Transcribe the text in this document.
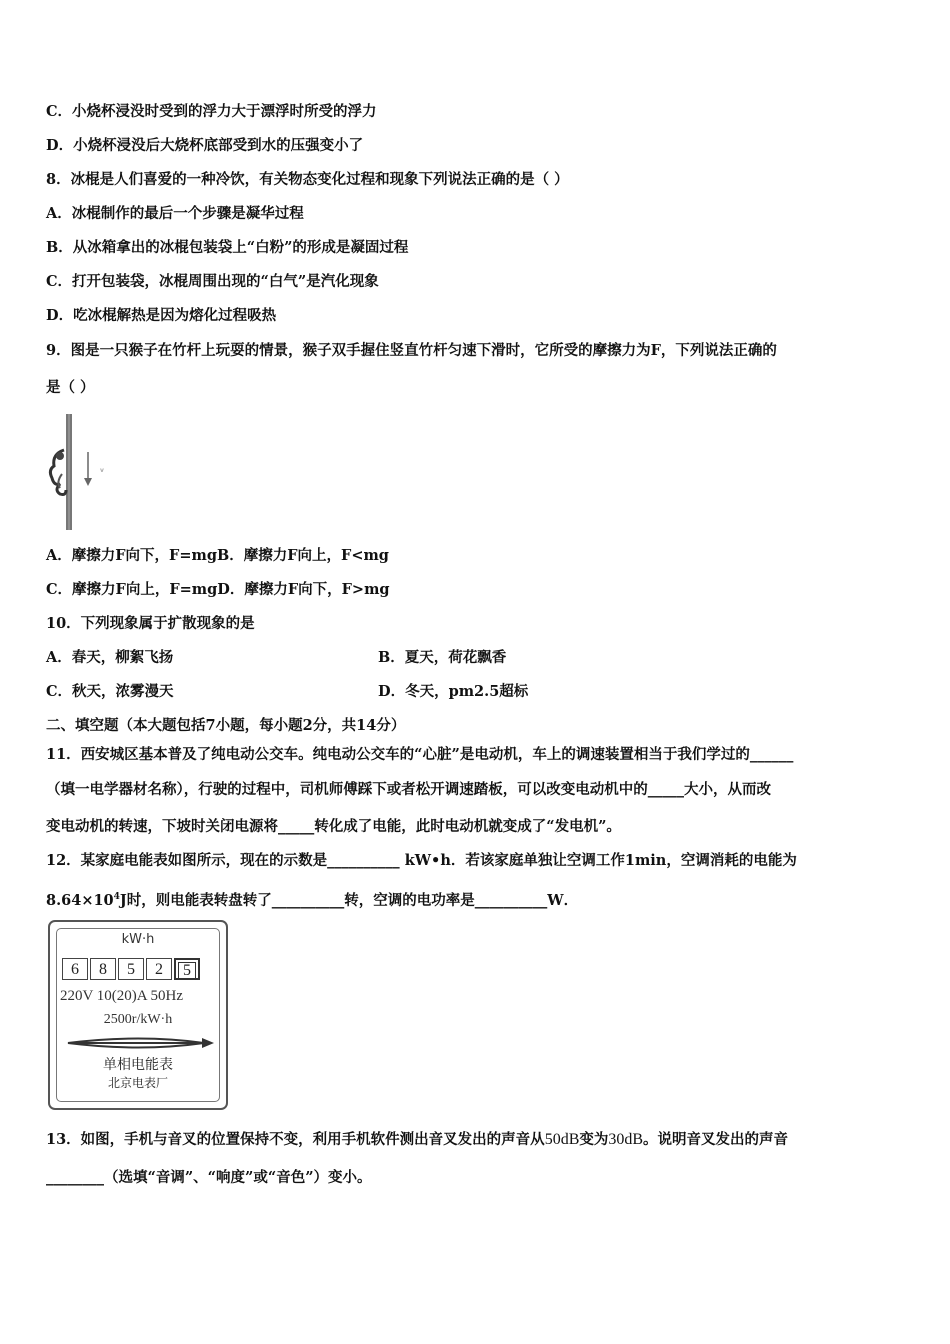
C．小烧杯浸没时受到的浮力大于漂浮时所受的浮力
D．小烧杯浸没后大烧杯底部受到水的压强变小了
8．冰棍是人们喜爱的一种冷饮，有关物态变化过程和现象下列说法正确的是（ ）
A．冰棍制作的最后一个步骤是凝华过程
B．从冰箱拿出的冰棍包装袋上“白粉”的形成是凝固过程
C．打开包装袋，冰棍周围出现的“白气”是汽化现象
D．吃冰棍解热是因为熔化过程吸热
9．图是一只猴子在竹杆上玩耍的情景，猴子双手握住竖直竹杆匀速下滑时，它所受的摩擦力为F，下列说法正确的
是（ ）
v
A．摩擦力F向下，F=mgB．摩擦力F向上，F<mg
C．摩擦力F向上，F=mgD．摩擦力F向下，F>mg
10．下列现象属于扩散现象的是
A．春天，柳絮飞扬	B．夏天，荷花飘香
C．秋天，浓雾漫天	D．冬天，pm2.5超标
二、填空题（本大题包括7小题，每小题2分，共14分）
11．西安城区基本普及了纯电动公交车。纯电动公交车的“心脏”是电动机，车上的调速装置相当于我们学过的______
（填一电学器材名称），行驶的过程中，司机师傅踩下或者松开调速踏板，可以改变电动机中的_____大小，从而改
变电动机的转速，下坡时关闭电源将_____转化成了电能，此时电动机就变成了“发电机”。
12．某家庭电能表如图所示，现在的示数是__________ kW•h．若该家庭单独让空调工作1min，空调消耗的电能为
$8.64\times 10^4J$时，则电能表转盘转了__________转，空调的电功率是__________W．
kW·h
6	8	5	2	5
220V 10(20)A 50Hz
2500r/kW·h
单相电能表
北京电表厂
13．如图，手机与音叉的位置保持不变，利用手机软件测出音叉发出的声音从50dB变为30dB。说明音叉发出的声音
________（选填“音调”、“响度”或“音色”）变小。
